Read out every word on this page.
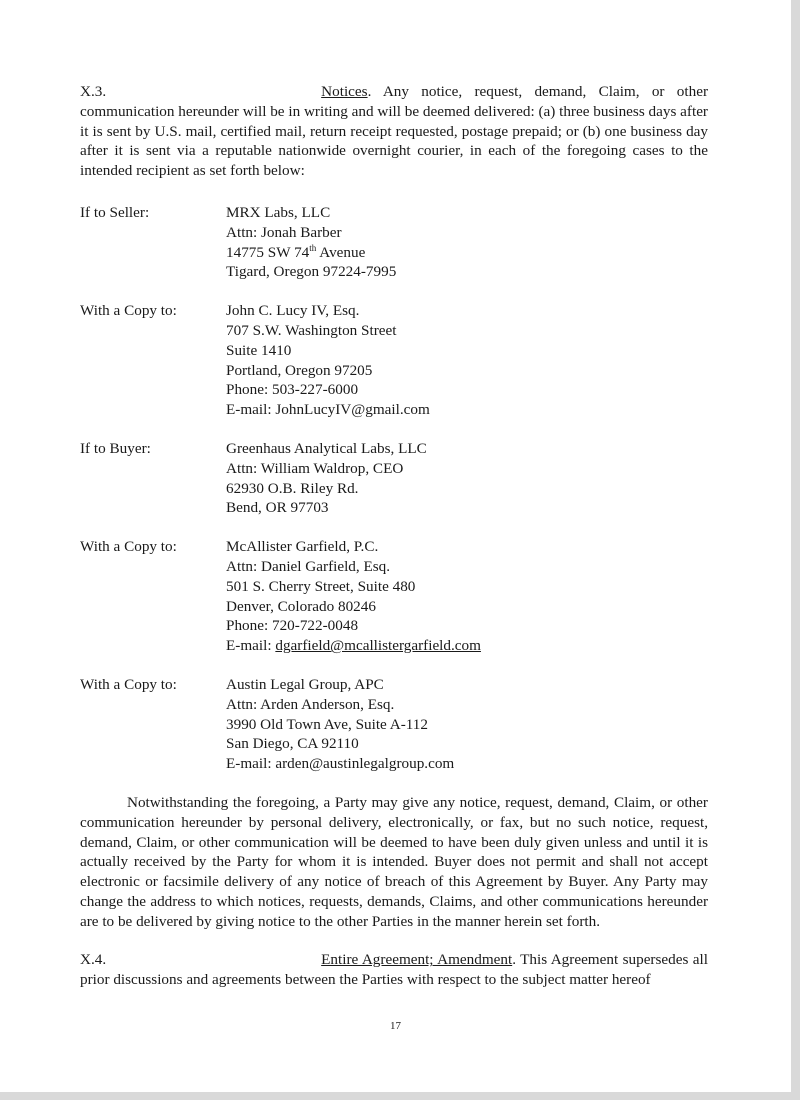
X.3.	Notices. Any notice, request, demand, Claim, or other
communication hereunder will be in writing and will be deemed delivered: (a) three business days after it is sent by U.S. mail, certified mail, return receipt requested, postage prepaid; or (b) one business day after it is sent via a reputable nationwide overnight courier, in each of the foregoing cases to the intended recipient as set forth below:
If to Seller:	MRX Labs, LLC
Attn: Jonah Barber
14775 SW 74th Avenue
Tigard, Oregon 97224-7995
With a Copy to:	John C. Lucy IV, Esq.
707 S.W. Washington Street
Suite 1410
Portland, Oregon 97205
Phone: 503-227-6000
E-mail: JohnLucyIV@gmail.com
If to Buyer:	Greenhaus Analytical Labs, LLC
Attn: William Waldrop, CEO
62930 O.B. Riley Rd.
Bend, OR 97703
With a Copy to:	McAllister Garfield, P.C.
Attn: Daniel Garfield, Esq.
501 S. Cherry Street, Suite 480
Denver, Colorado 80246
Phone: 720-722-0048
E-mail: dgarfield@mcallistergarfield.com
With a Copy to:	Austin Legal Group, APC
Attn: Arden Anderson, Esq.
3990 Old Town Ave, Suite A-112
San Diego, CA 92110
E-mail: arden@austinlegalgroup.com
Notwithstanding the foregoing, a Party may give any notice, request, demand, Claim, or other communication hereunder by personal delivery, electronically, or fax, but no such notice, request, demand, Claim, or other communication will be deemed to have been duly given unless and until it is actually received by the Party for whom it is intended. Buyer does not permit and shall not accept electronic or facsimile delivery of any notice of breach of this Agreement by Buyer. Any Party may change the address to which notices, requests, demands, Claims, and other communications hereunder are to be delivered by giving notice to the other Parties in the manner herein set forth.
X.4.	Entire Agreement; Amendment. This Agreement supersedes all
prior discussions and agreements between the Parties with respect to the subject matter hereof
17
